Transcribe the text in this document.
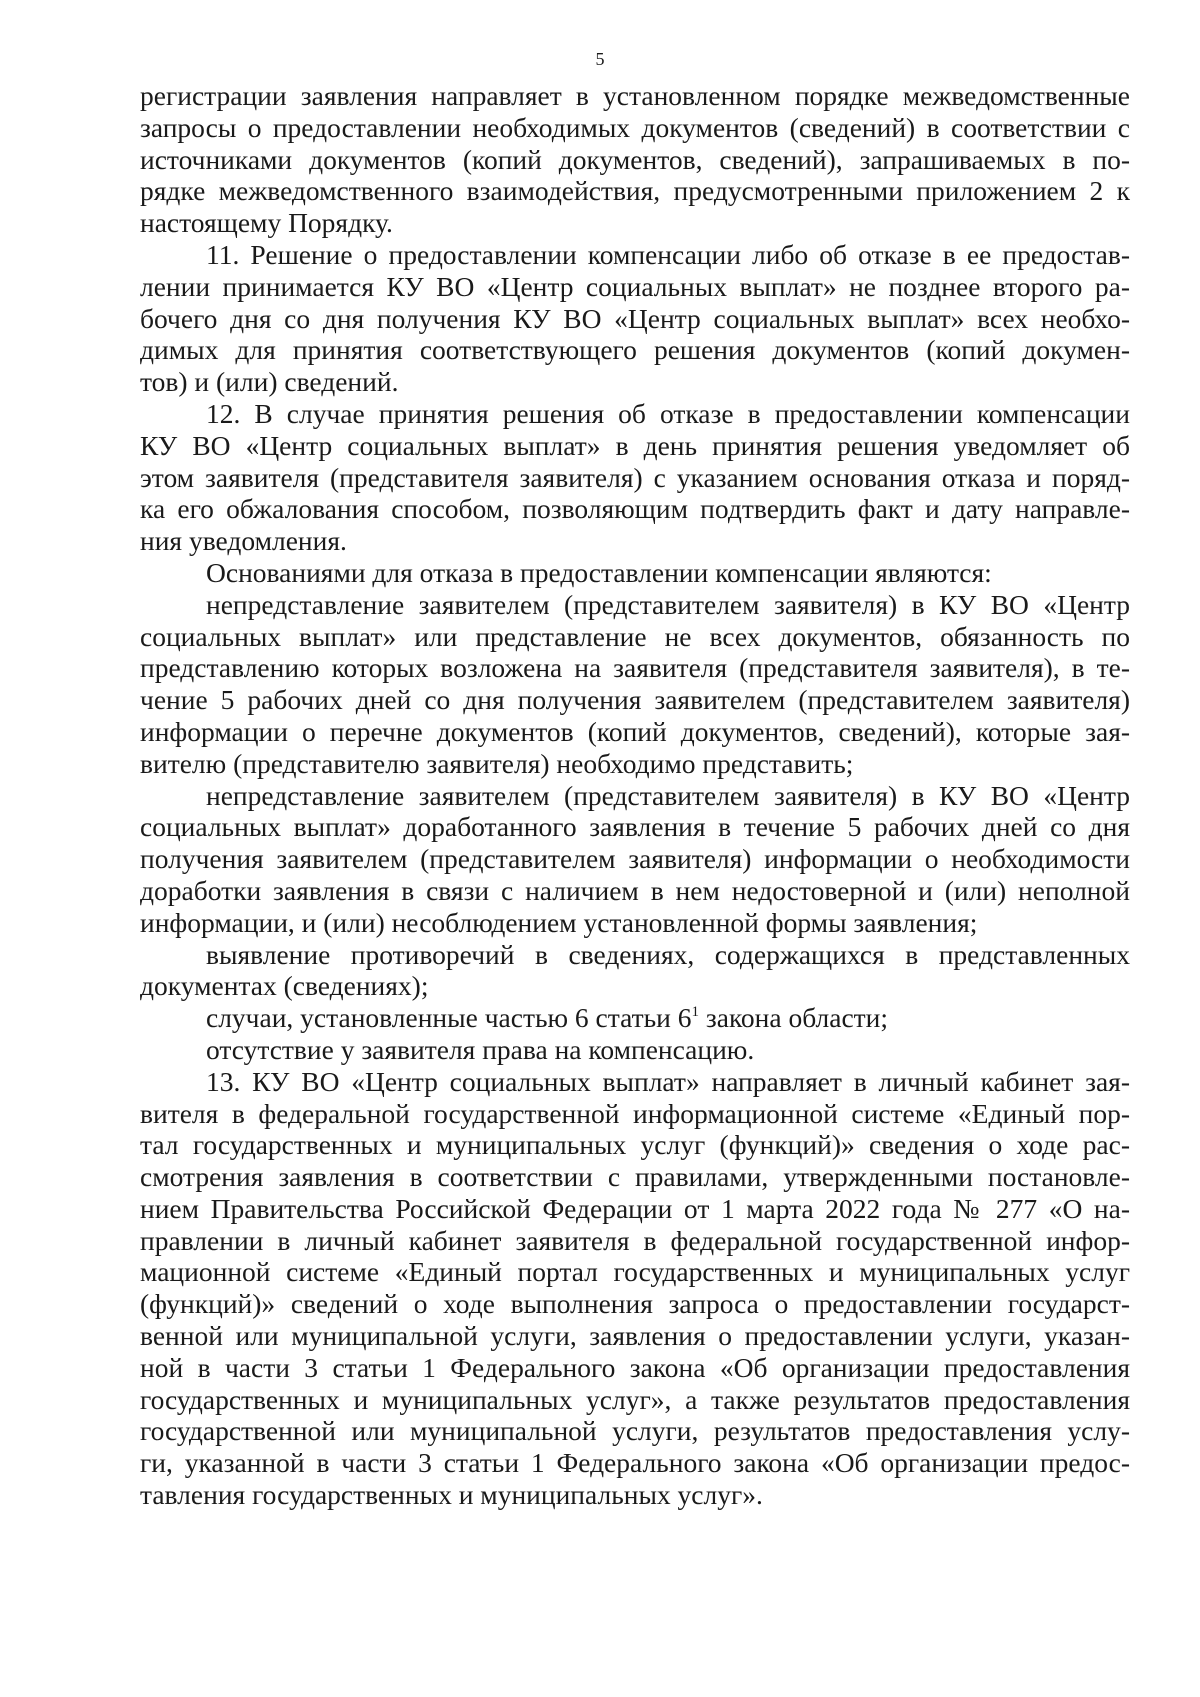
5
регистрации заявления направляет в установленном порядке межведомственные
запросы о предоставлении необходимых документов (сведений) в соответствии с
источниками документов (копий документов, сведений), запрашиваемых в по-
рядке межведомственного взаимодействия, предусмотренными приложением 2 к
настоящему Порядку.
11. Решение о предоставлении компенсации либо об отказе в ее предостав-
лении принимается КУ ВО «Центр социальных выплат» не позднее второго ра-
бочего дня со дня получения КУ ВО «Центр социальных выплат» всех необхо-
димых для принятия соответствующего решения документов (копий докумен-
тов) и (или) сведений.
12. В случае принятия решения об отказе в предоставлении компенсации
КУ ВО «Центр социальных выплат» в день принятия решения уведомляет об
этом заявителя (представителя заявителя) с указанием основания отказа и поряд-
ка его обжалования способом, позволяющим подтвердить факт и дату направле-
ния уведомления.
Основаниями для отказа в предоставлении компенсации являются:
непредставление заявителем (представителем заявителя) в КУ ВО «Центр
социальных выплат» или представление не всех документов, обязанность по
представлению которых возложена на заявителя (представителя заявителя), в те-
чение 5 рабочих дней со дня получения заявителем (представителем заявителя)
информации о перечне документов (копий документов, сведений), которые зая-
вителю (представителю заявителя) необходимо представить;
непредставление заявителем (представителем заявителя) в КУ ВО «Центр
социальных выплат» доработанного заявления в течение 5 рабочих дней со дня
получения заявителем (представителем заявителя) информации о необходимости
доработки заявления в связи с наличием в нем недостоверной и (или) неполной
информации, и (или) несоблюдением установленной формы заявления;
выявление противоречий в сведениях, содержащихся в представленных
документах (сведениях);
случаи, установленные частью 6 статьи $6^1$ закона области;
отсутствие у заявителя права на компенсацию.
13. КУ ВО «Центр социальных выплат» направляет в личный кабинет зая-
вителя в федеральной государственной информационной системе «Единый пор-
тал государственных и муниципальных услуг (функций)» сведения о ходе рас-
смотрения заявления в соответствии с правилами, утвержденными постановле-
нием Правительства Российской Федерации от 1 марта 2022 года № 277 «О на-
правлении в личный кабинет заявителя в федеральной государственной инфор-
мационной системе «Единый портал государственных и муниципальных услуг
(функций)» сведений о ходе выполнения запроса о предоставлении государст-
венной или муниципальной услуги, заявления о предоставлении услуги, указан-
ной в части 3 статьи 1 Федерального закона «Об организации предоставления
государственных и муниципальных услуг», а также результатов предоставления
государственной или муниципальной услуги, результатов предоставления услу-
ги, указанной в части 3 статьи 1 Федерального закона «Об организации предос-
тавления государственных и муниципальных услуг».
